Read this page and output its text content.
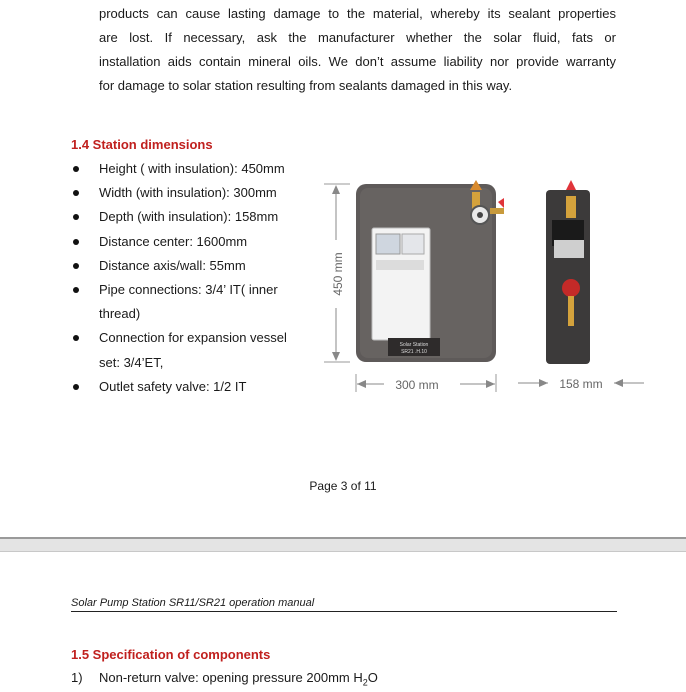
products can cause lasting damage to the material, whereby its sealant properties
are lost. If necessary, ask the manufacturer whether the solar fluid, fats or
installation aids contain mineral oils. We don’t assume liability nor provide warranty
for damage to solar station resulting from sealants damaged in this way.
1.4 Station dimensions
Height ( with insulation): 450mm
Width (with insulation): 300mm
Depth (with insulation): 158mm
Distance center: 1600mm
Distance axis/wall: 55mm
Pipe connections: 3/4’ IT( inner thread)
Connection for expansion vessel set: 3/4’ET,
Outlet safety valve: 1/2 IT
450 mm
Solar Station
SR21 .H.10
300 mm	158 mm
Page 3 of 11
Solar Pump Station SR11/SR21 operation manual
1.5 Specification of components
1) Non-return valve: opening pressure 200mm $H_2O$
